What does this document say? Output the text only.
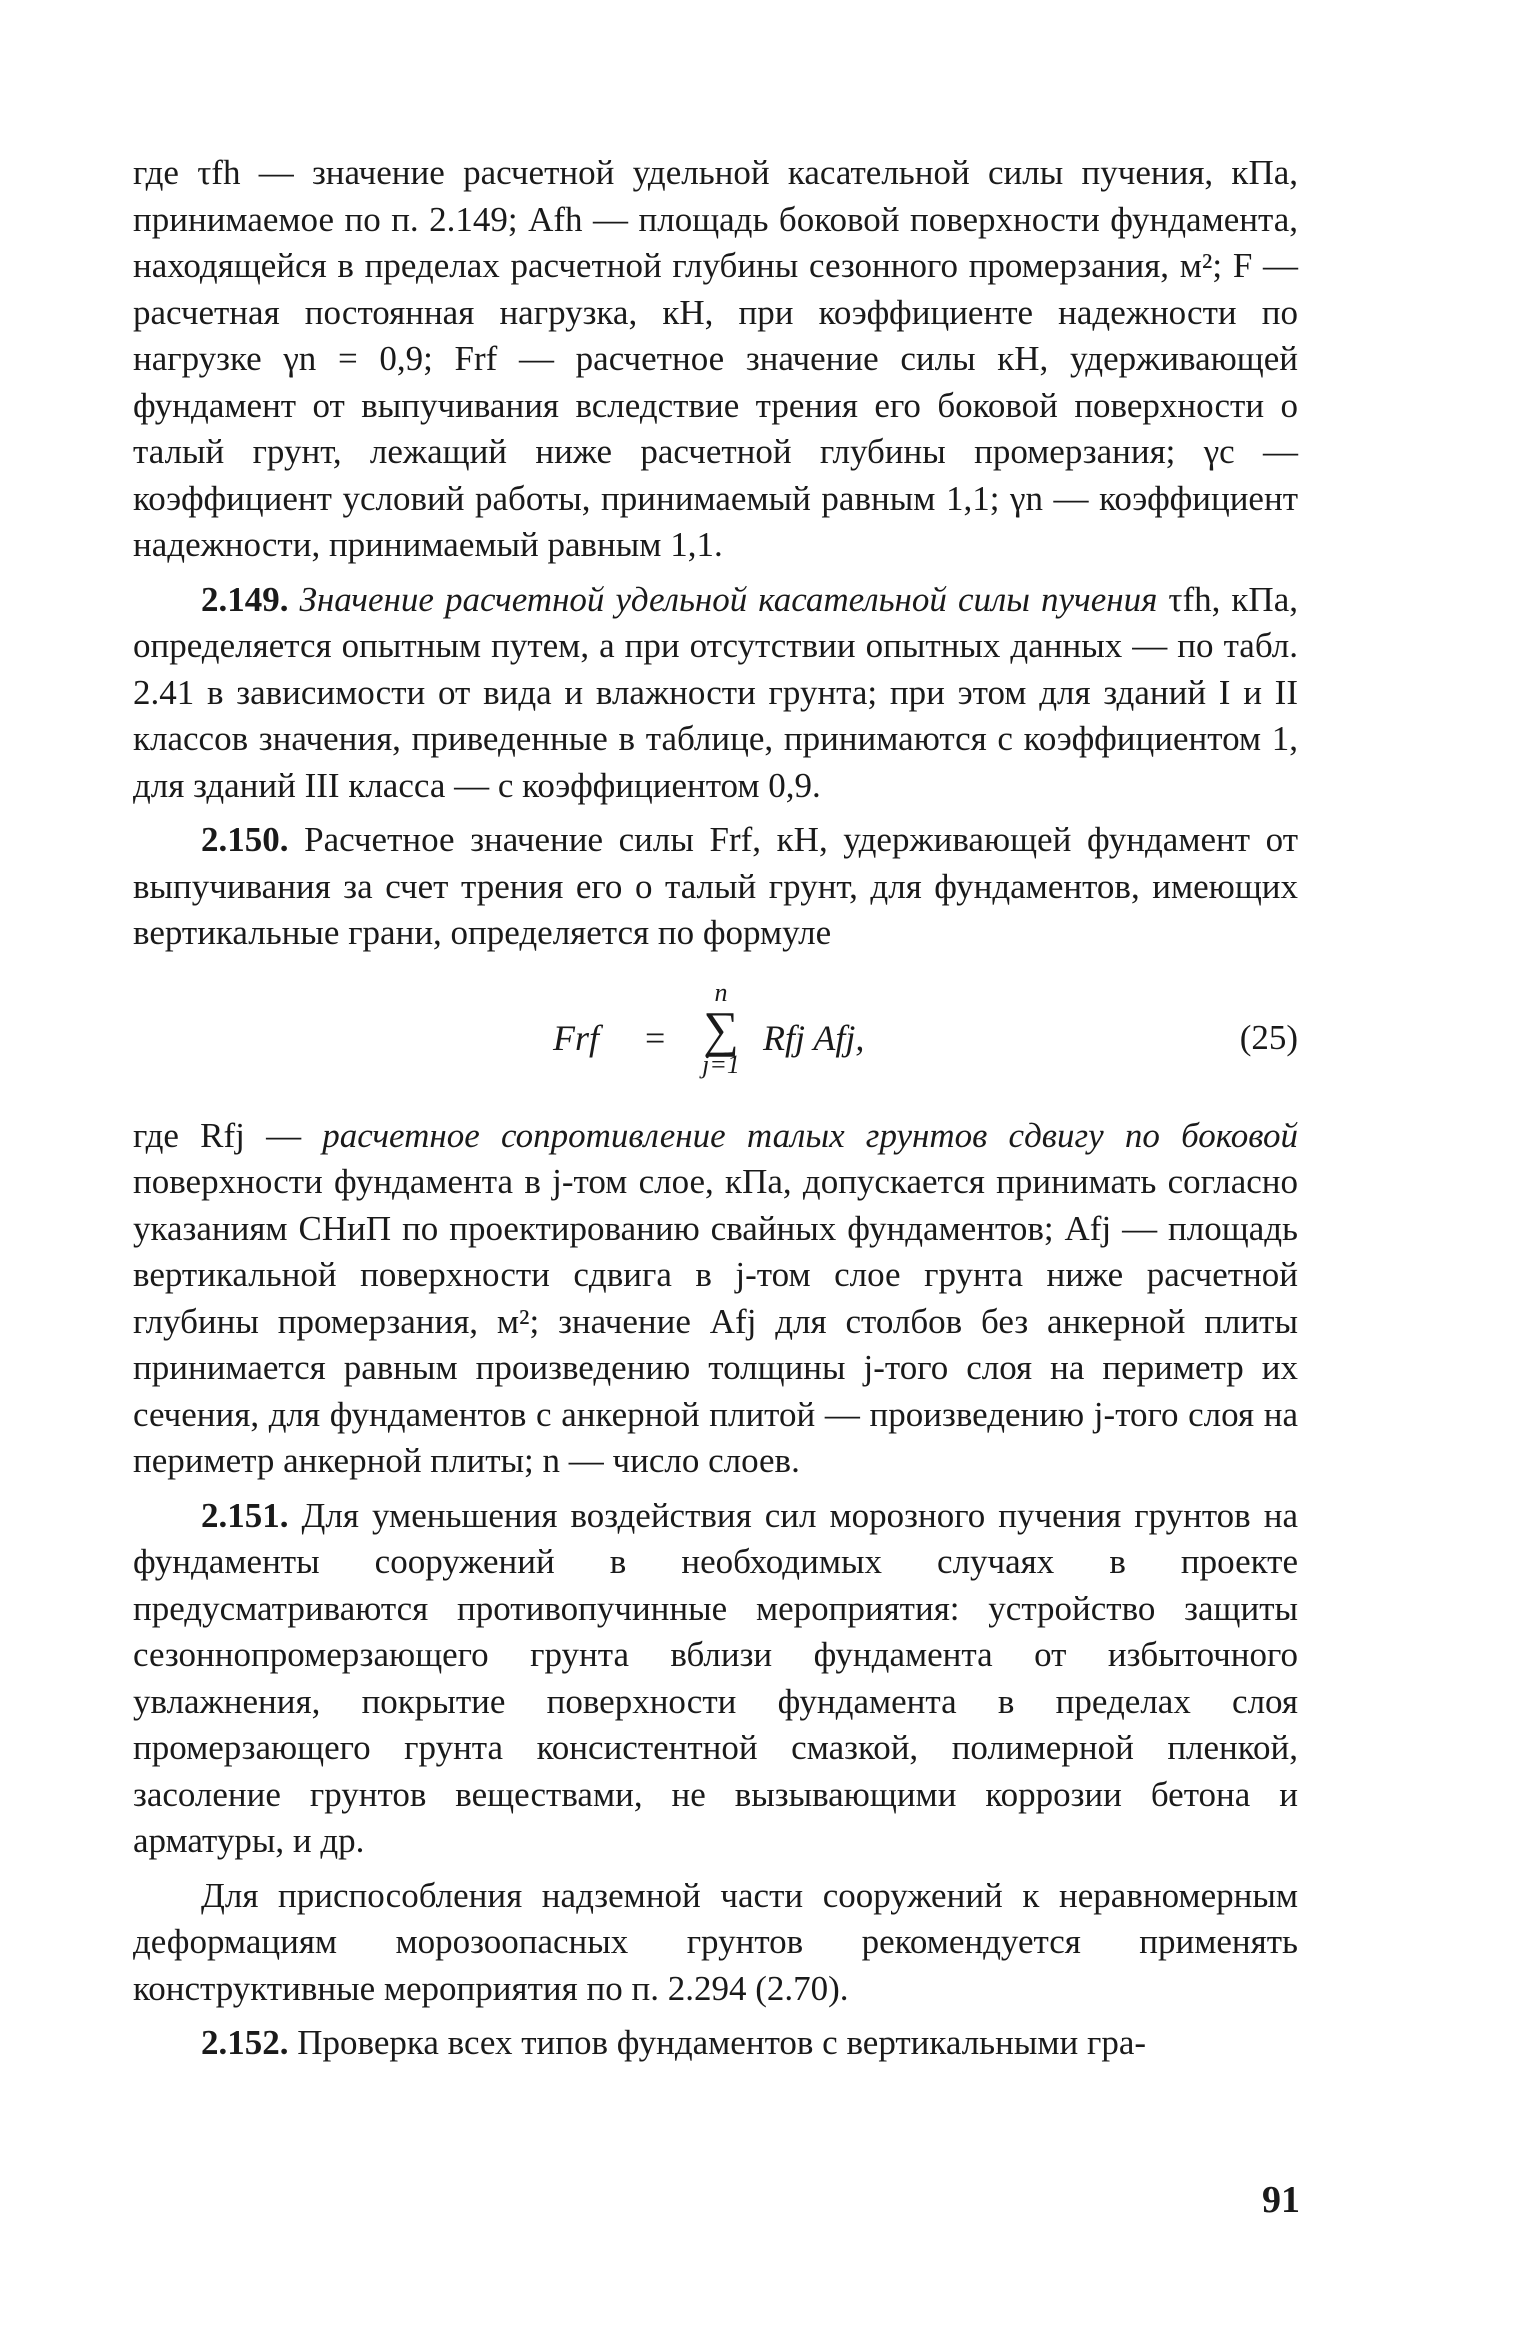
где τfh — значение расчетной удельной касательной силы пучения, кПа, принимаемое по п. 2.149; Afh — площадь боковой поверхности фундамента, находящейся в пределах расчетной глубины сезонного промерзания, м²; F — расчетная постоянная нагрузка, кН, при коэффициенте надежности по нагрузке γn = 0,9; Frf — расчетное значение силы кН, удерживающей фундамент от выпучивания вследствие трения его боковой поверхности о талый грунт, лежащий ниже расчетной глубины промерзания; γc — коэффициент условий работы, принимаемый равным 1,1; γn — коэффициент надежности, принимаемый равным 1,1.

2.149. Значение расчетной удельной касательной силы пучения τfh, кПа, определяется опытным путем, а при отсутствии опытных данных — по табл. 2.41 в зависимости от вида и влажности грунта; при этом для зданий I и II классов значения, приведенные в таблице, принимаются с коэффициентом 1, для зданий III класса — с коэффициентом 0,9.

2.150. Расчетное значение силы Frf, кН, удерживающей фундамент от выпучивания за счет трения его о талый грунт, для фундаментов, имеющих вертикальные грани, определяется по формуле

Frf =
n
∑
j=1
Rfj Afj,	(25)

где Rfj — расчетное сопротивление талых грунтов сдвигу по боковой поверхности фундамента в j-том слое, кПа, допускается принимать согласно указаниям СНиП по проектированию свайных фундаментов; Afj — площадь вертикальной поверхности сдвига в j-том слое грунта ниже расчетной глубины промерзания, м²; значение Afj для столбов без анкерной плиты принимается равным произведению толщины j-того слоя на периметр их сечения, для фундаментов с анкерной плитой — произведению j-того слоя на периметр анкерной плиты; n — число слоев.

2.151. Для уменьшения воздействия сил морозного пучения грунтов на фундаменты сооружений в необходимых случаях в проекте предусматриваются противопучинные мероприятия: устройство защиты сезоннопромерзающего грунта вблизи фундамента от избыточного увлажнения, покрытие поверхности фундамента в пределах слоя промерзающего грунта консистентной смазкой, полимерной пленкой, засоление грунтов веществами, не вызывающими коррозии бетона и арматуры, и др.

Для приспособления надземной части сооружений к неравномерным деформациям морозоопасных грунтов рекомендуется применять конструктивные мероприятия по п. 2.294 (2.70).

2.152. Проверка всех типов фундаментов с вертикальными гра-

91
